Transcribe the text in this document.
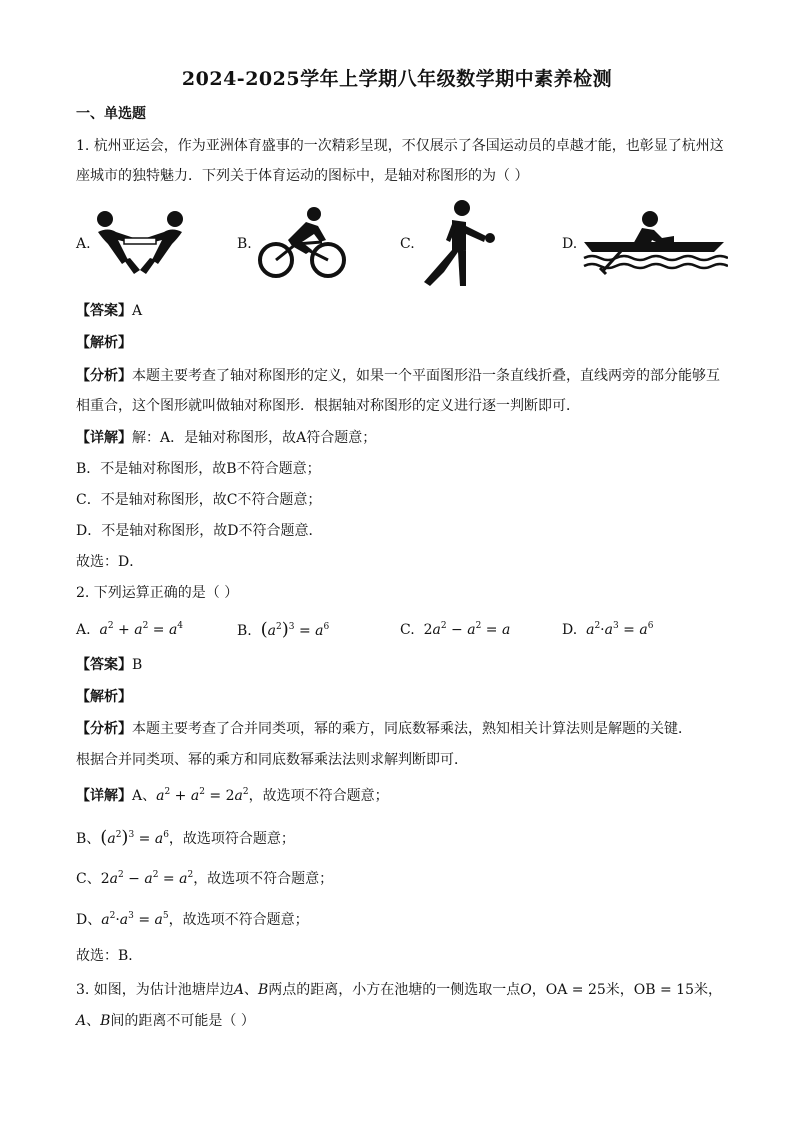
2024-2025学年上学期八年级数学期中素养检测
一、单选题
1. 杭州亚运会，作为亚洲体育盛事的一次精彩呈现，不仅展示了各国运动员的卓越才能，也彰显了杭州这
座城市的独特魅力．下列关于体育运动的图标中，是轴对称图形的为（ ）
A.	B.	C.	D.
【答案】A
【解析】
【分析】本题主要考查了轴对称图形的定义，如果一个平面图形沿一条直线折叠，直线两旁的部分能够互
相重合，这个图形就叫做轴对称图形．根据轴对称图形的定义进行逐一判断即可．
【详解】解：A．是轴对称图形，故A符合题意；
B．不是轴对称图形，故B不符合题意；
C．不是轴对称图形，故C不符合题意；
D．不是轴对称图形，故D不符合题意．
故选：D．
2. 下列运算正确的是（ ）
A.  $a^2 + a^2 = a^4$	B.  $(a^2)^3 = a^6$	C.  $2a^2 - a^2 = a$	D.  $a^2\cdot a^3 = a^6$
【答案】B
【解析】
【分析】本题主要考查了合并同类项，幂的乘方，同底数幂乘法，熟知相关计算法则是解题的关键．
根据合并同类项、幂的乘方和同底数幂乘法法则求解判断即可．
【详解】A、$a^2 + a^2 = 2a^2$，故选项不符合题意；
B、$(a^2)^3 = a^6$，故选项符合题意；
C、$2a^2 - a^2 = a^2$，故选项不符合题意；
D、$a^2\cdot a^3 = a^5$，故选项不符合题意；
故选：B．
3. 如图，为估计池塘岸边A、B两点的距离，小方在池塘的一侧选取一点O，OA = 25米，OB = 15米，
A、B间的距离不可能是（ ）
